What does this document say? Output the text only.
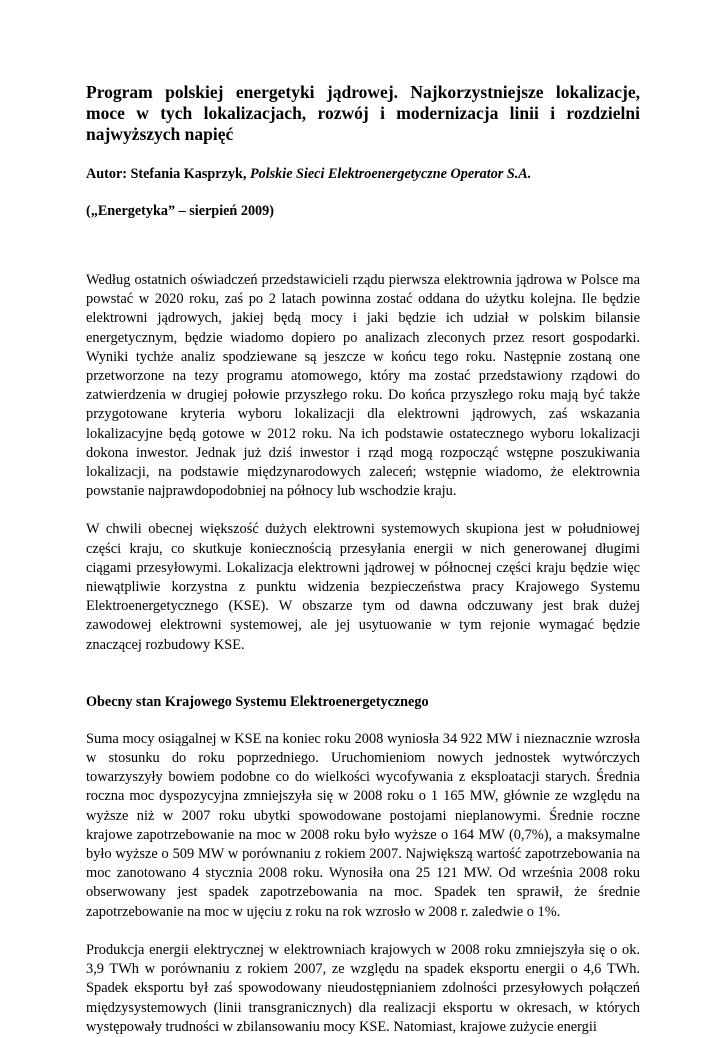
Program polskiej energetyki jądrowej. Najkorzystniejsze lokalizacje, moce w tych lokalizacjach, rozwój i modernizacja linii i rozdzielni najwyższych napięć
Autor: Stefania Kasprzyk, Polskie Sieci Elektroenergetyczne Operator S.A.
(„Energetyka” – sierpień 2009)

Według ostatnich oświadczeń przedstawicieli rządu pierwsza elektrownia jądrowa w Polsce ma powstać w 2020 roku, zaś po 2 latach powinna zostać oddana do użytku kolejna. Ile będzie elektrowni jądrowych, jakiej będą mocy i jaki będzie ich udział w polskim bilansie energetycznym, będzie wiadomo dopiero po analizach zleconych przez resort gospodarki. Wyniki tychże analiz spodziewane są jeszcze w końcu tego roku. Następnie zostaną one przetworzone na tezy programu atomowego, który ma zostać przedstawiony rządowi do zatwierdzenia w drugiej połowie przyszłego roku. Do końca przyszłego roku mają być także przygotowane kryteria wyboru lokalizacji dla elektrowni jądrowych, zaś wskazania lokalizacyjne będą gotowe w 2012 roku. Na ich podstawie ostatecznego wyboru lokalizacji dokona inwestor. Jednak już dziś inwestor i rząd mogą rozpocząć wstępne poszukiwania lokalizacji, na podstawie międzynarodowych zaleceń; wstępnie wiadomo, że elektrownia powstanie najprawdopodobniej na północy lub wschodzie kraju.

W chwili obecnej większość dużych elektrowni systemowych skupiona jest w południowej części kraju, co skutkuje koniecznością przesyłania energii w nich generowanej długimi ciągami przesyłowymi. Lokalizacja elektrowni jądrowej w północnej części kraju będzie więc niewątpliwie korzystna z punktu widzenia bezpieczeństwa pracy Krajowego Systemu Elektroenergetycznego (KSE). W obszarze tym od dawna odczuwany jest brak dużej zawodowej elektrowni systemowej, ale jej usytuowanie w tym rejonie wymagać będzie znaczącej rozbudowy KSE.

Obecny stan Krajowego Systemu Elektroenergetycznego

Suma mocy osiągalnej w KSE na koniec roku 2008 wyniosła 34 922 MW i nieznacznie wzrosła w stosunku do roku poprzedniego. Uruchomieniom nowych jednostek wytwórczych towarzyszyły bowiem podobne co do wielkości wycofywania z eksploatacji starych. Średnia roczna moc dyspozycyjna zmniejszyła się w 2008 roku o 1 165 MW, głównie ze względu na wyższe niż w 2007 roku ubytki spowodowane postojami nieplanowymi. Średnie roczne krajowe zapotrzebowanie na moc w 2008 roku było wyższe o 164 MW (0,7%), a maksymalne było wyższe o 509 MW w porównaniu z rokiem 2007. Największą wartość zapotrzebowania na moc zanotowano 4 stycznia 2008 roku. Wynosiła ona 25 121 MW. Od września 2008 roku obserwowany jest spadek zapotrzebowania na moc. Spadek ten sprawił, że średnie zapotrzebowanie na moc w ujęciu z roku na rok wzrosło w 2008 r. zaledwie o 1%.

Produkcja energii elektrycznej w elektrowniach krajowych w 2008 roku zmniejszyła się o ok. 3,9 TWh w porównaniu z rokiem 2007, ze względu na spadek eksportu energii o 4,6 TWh. Spadek eksportu był zaś spowodowany nieudostępnianiem zdolności przesyłowych połączeń międzysystemowych (linii transgranicznych) dla realizacji eksportu w okresach, w których występowały trudności w zbilansowaniu mocy KSE. Natomiast, krajowe zużycie energii
